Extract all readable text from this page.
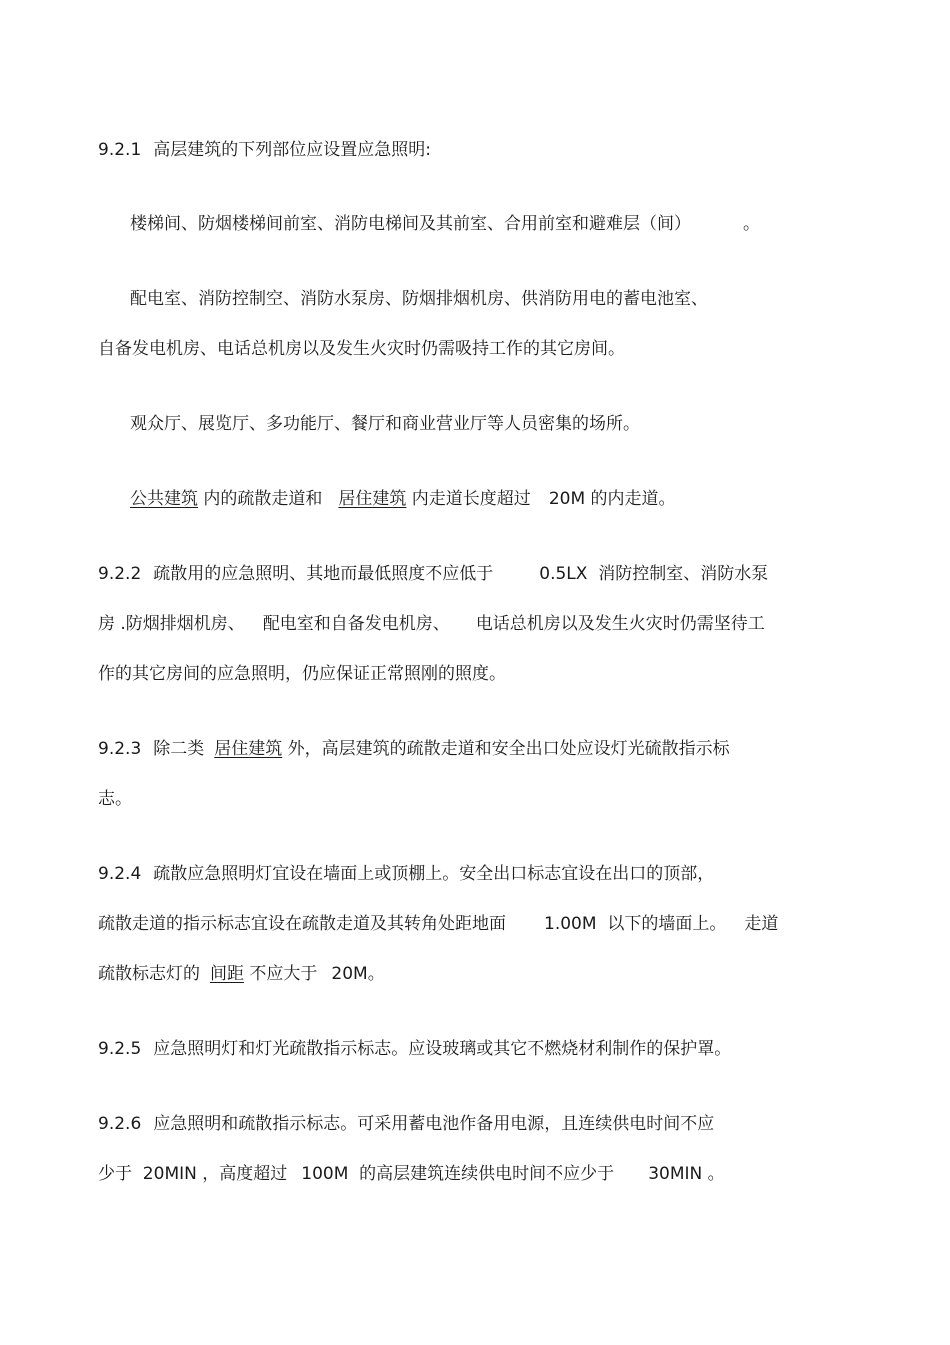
9.2.1 高层建筑的下列部位应设置应急照明:
楼梯间、防烟楼梯间前室、消防电梯间及其前室、合用前室和避难层（间）	。
配电室、消防控制空、消防水泵房、防烟排烟机房、供消防用电的蓄电池室、
自备发电机房、电话总机房以及发生火灾时仍需吸持工作的其它房间。
观众厅、展览厅、多功能厅、餐厅和商业营业厅等人员密集的场所。
公共建筑 内的疏散走道和 居住建筑 内走道长度超过 20M 的内走道。
9.2.2 疏散用的应急照明、其地而最低照度不应低于	0.5LX  消防控制室、消防水泵
房 .防烟排烟机房、 配电室和自备发电机房、 电话总机房以及发生火灾时仍需坚待工
作的其它房间的应急照明，仍应保证正常照刚的照度。
9.2.3 除二类 居住建筑 外，高层建筑的疏散走道和安全出口处应设灯光硫散指示标
志。
9.2.4 疏散应急照明灯宜设在墙面上或顶棚上。安全出口标志宜设在出口的顶部，
疏散走道的指示标志宜设在疏散走道及其转角处距地面 1.00M  以下的墙面上。 走道
疏散标志灯的 间距 不应大于 20M。
9.2.5 应急照明灯和灯光疏散指示标志。应设玻璃或其它不燃烧材利制作的保护罩。
9.2.6 应急照明和疏散指示标志。可采用蓄电池作备用电源，且连续供电时间不应
少于  20MIN ，高度超过 100M  的高层建筑连续供电时间不应少于 30MIN 。
